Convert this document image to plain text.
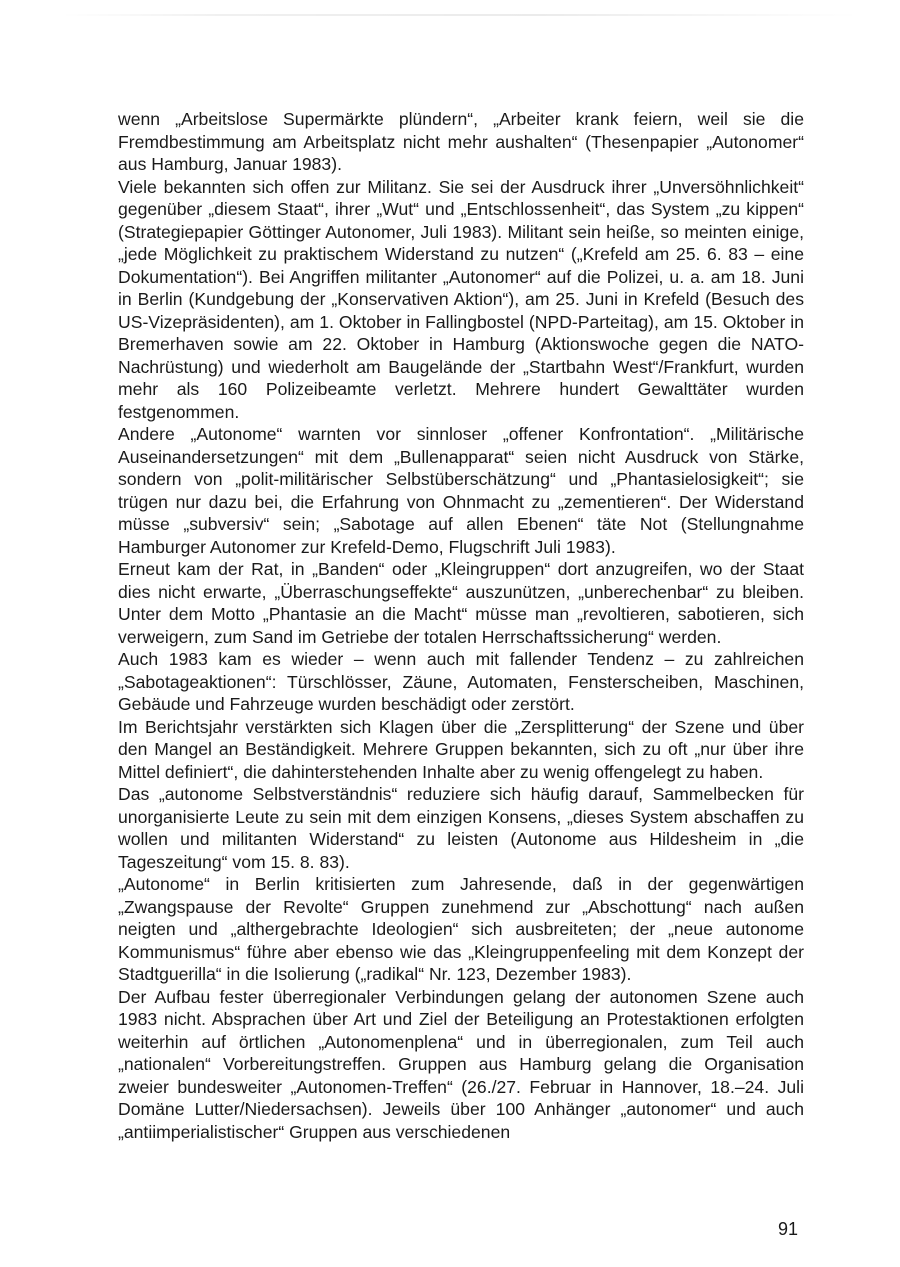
wenn „Arbeitslose Supermärkte plündern“, „Arbeiter krank feiern, weil sie die Fremdbestimmung am Arbeitsplatz nicht mehr aushalten“ (Thesenpapier „Autonomer“ aus Hamburg, Januar 1983).

Viele bekannten sich offen zur Militanz. Sie sei der Ausdruck ihrer „Unversöhnlichkeit“ gegenüber „diesem Staat“, ihrer „Wut“ und „Entschlossenheit“, das System „zu kippen“ (Strategiepapier Göttinger Autonomer, Juli 1983). Militant sein heiße, so meinten einige, „jede Möglichkeit zu praktischem Widerstand zu nutzen“ („Krefeld am 25. 6. 83 – eine Dokumentation“). Bei Angriffen militanter „Autonomer“ auf die Polizei, u. a. am 18. Juni in Berlin (Kundgebung der „Konservativen Aktion“), am 25. Juni in Krefeld (Besuch des US-Vizepräsidenten), am 1. Oktober in Fallingbostel (NPD-Parteitag), am 15. Oktober in Bremerhaven sowie am 22. Oktober in Hamburg (Aktionswoche gegen die NATO-Nachrüstung) und wiederholt am Baugelände der „Startbahn West“/Frankfurt, wurden mehr als 160 Polizeibeamte verletzt. Mehrere hundert Gewalttäter wurden festgenommen.

Andere „Autonome“ warnten vor sinnloser „offener Konfrontation“. „Militärische Auseinandersetzungen“ mit dem „Bullenapparat“ seien nicht Ausdruck von Stärke, sondern von „polit-militärischer Selbstüberschätzung“ und „Phantasielosigkeit“; sie trügen nur dazu bei, die Erfahrung von Ohnmacht zu „zementieren“. Der Widerstand müsse „subversiv“ sein; „Sabotage auf allen Ebenen“ täte Not (Stellungnahme Hamburger Autonomer zur Krefeld-Demo, Flugschrift Juli 1983).

Erneut kam der Rat, in „Banden“ oder „Kleingruppen“ dort anzugreifen, wo der Staat dies nicht erwarte, „Überraschungseffekte“ auszunützen, „unberechenbar“ zu bleiben. Unter dem Motto „Phantasie an die Macht“ müsse man „revoltieren, sabotieren, sich verweigern, zum Sand im Getriebe der totalen Herrschaftssicherung“ werden.

Auch 1983 kam es wieder – wenn auch mit fallender Tendenz – zu zahlreichen „Sabotageaktionen“: Türschlösser, Zäune, Automaten, Fensterscheiben, Maschinen, Gebäude und Fahrzeuge wurden beschädigt oder zerstört.

Im Berichtsjahr verstärkten sich Klagen über die „Zersplitterung“ der Szene und über den Mangel an Beständigkeit. Mehrere Gruppen bekannten, sich zu oft „nur über ihre Mittel definiert“, die dahinterstehenden Inhalte aber zu wenig offengelegt zu haben.

Das „autonome Selbstverständnis“ reduziere sich häufig darauf, Sammelbecken für unorganisierte Leute zu sein mit dem einzigen Konsens, „dieses System abschaffen zu wollen und militanten Widerstand“ zu leisten (Autonome aus Hildesheim in „die Tageszeitung“ vom 15. 8. 83).

„Autonome“ in Berlin kritisierten zum Jahresende, daß in der gegenwärtigen „Zwangspause der Revolte“ Gruppen zunehmend zur „Abschottung“ nach außen neigten und „althergebrachte Ideologien“ sich ausbreiteten; der „neue autonome Kommunismus“ führe aber ebenso wie das „Kleingruppenfeeling mit dem Konzept der Stadtguerilla“ in die Isolierung („radikal“ Nr. 123, Dezember 1983).

Der Aufbau fester überregionaler Verbindungen gelang der autonomen Szene auch 1983 nicht. Absprachen über Art und Ziel der Beteiligung an Protestaktionen erfolgten weiterhin auf örtlichen „Autonomenplena“ und in überregionalen, zum Teil auch „nationalen“ Vorbereitungstreffen. Gruppen aus Hamburg gelang die Organisation zweier bundesweiter „Autonomen-Treffen“ (26./27. Februar in Hannover, 18.–24. Juli Domäne Lutter/Niedersachsen). Jeweils über 100 Anhänger „autonomer“ und auch „antiimperialistischer“ Gruppen aus verschiedenen

91
